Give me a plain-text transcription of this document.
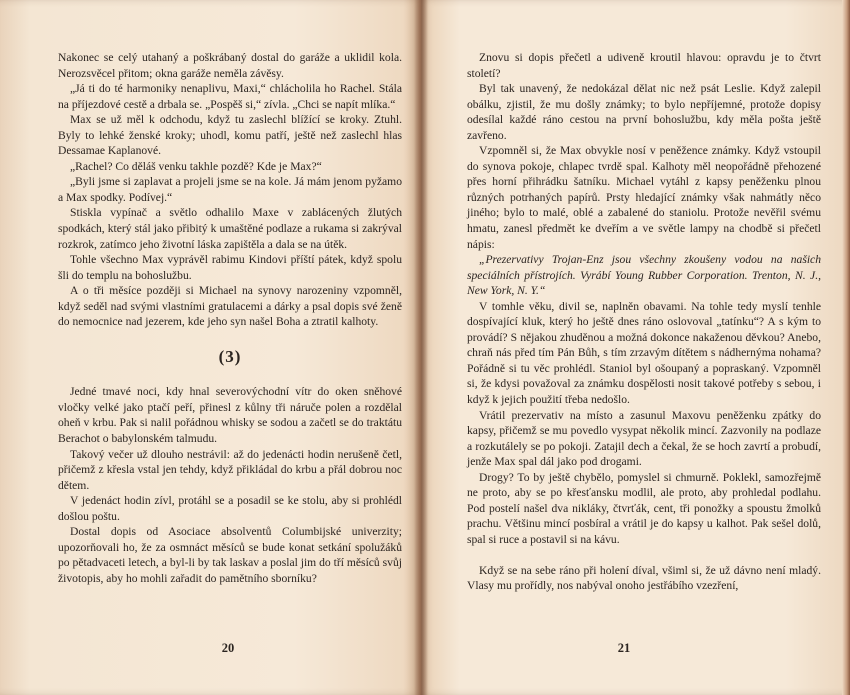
Nakonec se celý utahaný a poškrábaný dostal do garáže a uklidil kola. Nerozsvěcel přitom; okna garáže neměla závěsy.

„Já ti do té harmoniky nenaplivu, Maxi,“ chlácholila ho Rachel. Stála na příjezdové cestě a drbala se. „Pospěš si,“ zívla. „Chci se napít mlíka.“

Max se už měl k odchodu, když tu zaslechl blížící se kroky. Ztuhl. Byly to lehké ženské kroky; uhodl, komu patří, ještě než zaslechl hlas Dessamae Kaplanové.

„Rachel? Co děláš venku takhle pozdě? Kde je Max?“

„Byli jsme si zaplavat a projeli jsme se na kole. Já mám jenom pyžamo a Max spodky. Podívej.“

Stiskla vypínač a světlo odhalilo Maxe v zablácených žlutých spodkách, který stál jako přibitý k umaštěné podlaze a rukama si zakrýval rozkrok, zatímco jeho životní láska zapištěla a dala se na útěk.

Tohle všechno Max vyprávěl rabimu Kindovi příští pátek, když spolu šli do templu na bohoslužbu.

A o tři měsíce později si Michael na synovy narozeniny vzpomněl, když seděl nad svými vlastními gratulacemi a dárky a psal dopis své ženě do nemocnice nad jezerem, kde jeho syn našel Boha a ztratil kalhoty.

(3)

Jedné tmavé noci, kdy hnal severovýchodní vítr do oken sněhové vločky velké jako ptačí peří, přinesl z kůlny tři náruče polen a rozdělal oheň v krbu. Pak si nalil pořádnou whisky se sodou a začetl se do traktátu Berachot o babylonském talmudu.

Takový večer už dlouho nestrávil: až do jedenácti hodin nerušeně četl, přičemž z křesla vstal jen tehdy, když přikládal do krbu a přál dobrou noc dětem.

V jedenáct hodin zívl, protáhl se a posadil se ke stolu, aby si prohlédl došlou poštu.

Dostal dopis od Asociace absolventů Columbijské univerzity; upozorňovali ho, že za osmnáct měsíců se bude konat setkání spolužáků po pětadvaceti letech, a byl-li by tak laskav a poslal jim do tří měsíců svůj životopis, aby ho mohli zařadit do pamětního sborníku?

20

Znovu si dopis přečetl a udiveně kroutil hlavou: opravdu je to čtvrt století?

Byl tak unavený, že nedokázal dělat nic než psát Leslie. Když zalepil obálku, zjistil, že mu došly známky; to bylo nepříjemné, protože dopisy odesílal každé ráno cestou na první bohoslužbu, kdy měla pošta ještě zavřeno.

Vzpomněl si, že Max obvykle nosí v peněžence známky. Když vstoupil do synova pokoje, chlapec tvrdě spal. Kalhoty měl neopořádně přehozené přes horní přihrádku šatníku. Michael vytáhl z kapsy peněženku plnou různých potrhaných papírů. Prsty hledající známky však nahmátly něco jiného; bylo to malé, oblé a zabalené do staniolu. Protože nevěřil svému hmatu, zanesl předmět ke dveřím a ve světle lampy na chodbě si přečetl nápis:

„Prezervativy Trojan-Enz jsou všechny zkoušeny vodou na našich speciálních přístrojích. Vyrábí Young Rubber Corporation. Trenton, N. J., New York, N. Y.“

V tomhle věku, divil se, naplněn obavami. Na tohle tedy myslí tenhle dospívající kluk, který ho ještě dnes ráno oslovoval „tatínku“? A s kým to provádí? S nějakou zhuděnou a možná dokonce nakaženou děvkou? Anebo, chraň nás před tím Pán Bůh, s tím zrzavým dítětem s nádhernýma nohama? Pořádně si tu věc prohlédl. Staniol byl ošoupaný a popraskaný. Vzpomněl si, že kdysi považoval za známku dospělosti nosit takové potřeby s sebou, i když k jejich použití třeba nedošlo.

Vrátil prezervativ na místo a zasunul Maxovu peněženku zpátky do kapsy, přičemž se mu povedlo vysypat několik mincí. Zazvonily na podlaze a rozkutálely se po pokoji. Zatajil dech a čekal, že se hoch zavrtí a probudí, jenže Max spal dál jako pod drogami.

Drogy? To by ještě chybělo, pomyslel si chmurně. Poklekl, samozřejmě ne proto, aby se po křesťansku modlil, ale proto, aby prohledal podlahu. Pod postelí našel dva nikláky, čtvrťák, cent, tři ponožky a spoustu žmolků prachu. Většinu mincí posbíral a vrátil je do kapsy u kalhot. Pak sešel dolů, spal si ruce a postavil si na kávu.

Když se na sebe ráno při holení díval, všiml si, že už dávno není mladý. Vlasy mu prořídly, nos nabýval onoho jestřábího vzezření,

21
